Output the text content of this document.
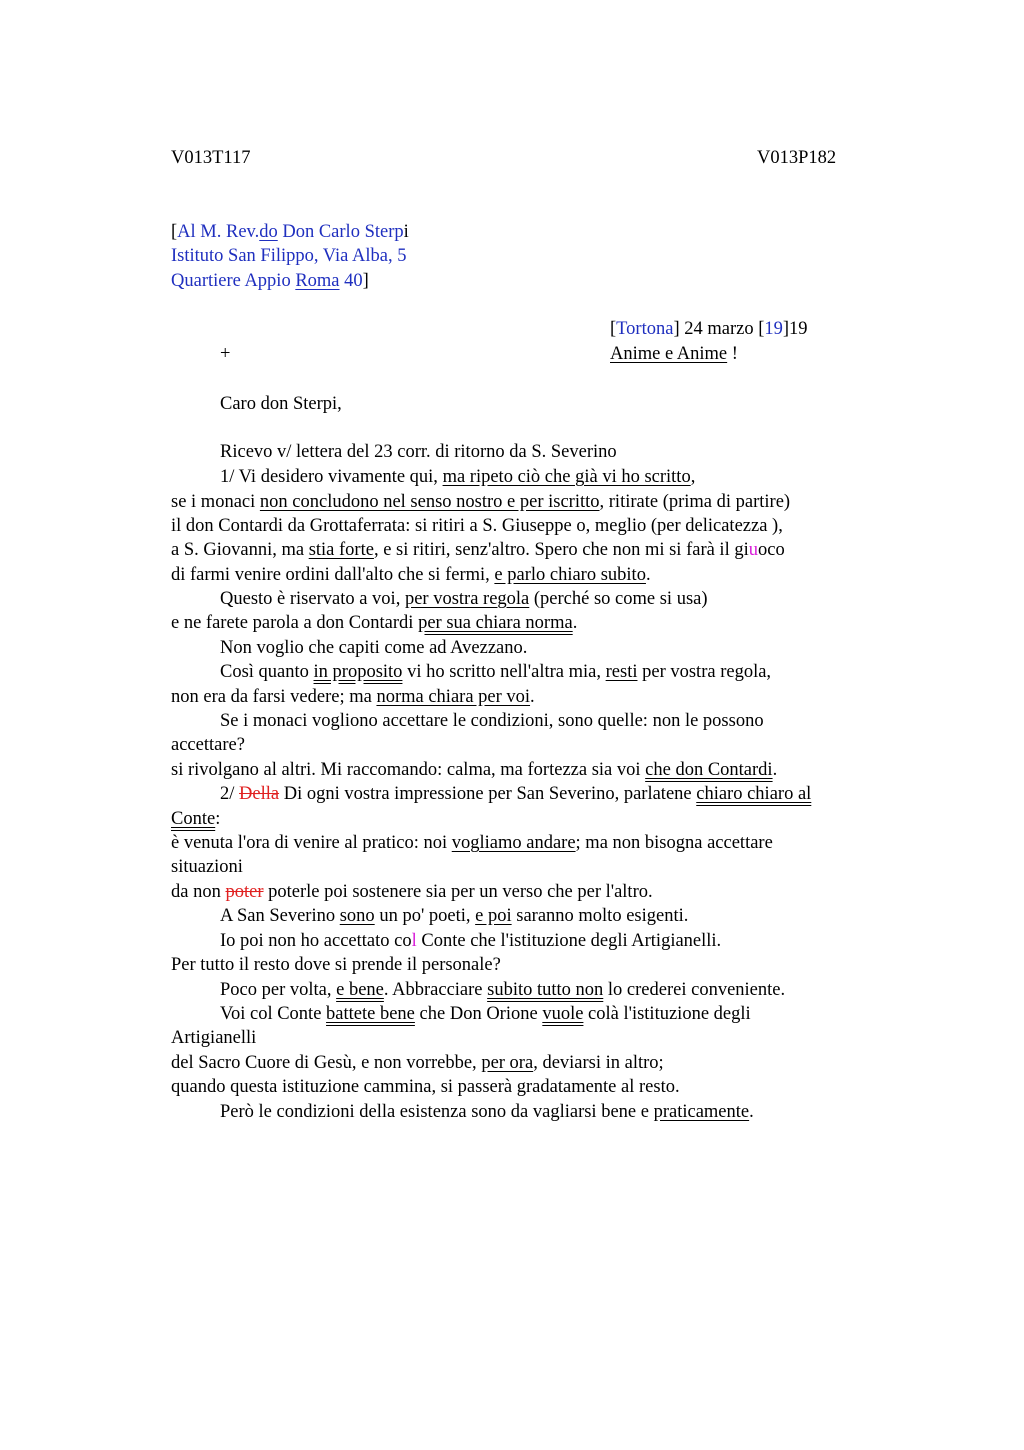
V013T117	V013P182
[Al M. Rev.do Don Carlo Sterpi
Istituto San Filippo, Via Alba, 5
Quartiere Appio Roma 40]
[Tortona] 24 marzo [19]19
+	Anime e Anime !
Caro don Sterpi,
Ricevo v/ lettera del 23 corr. di ritorno da S. Severino
1/ Vi desidero vivamente qui, ma ripeto ciò che già vi ho scritto,
se i monaci non concludono nel senso nostro e per iscritto, ritirate (prima di partire)
il don Contardi da Grottaferrata: si ritiri a S. Giuseppe o, meglio (per delicatezza ),
a S. Giovanni, ma stia forte, e si ritiri, senz'altro. Spero che non mi si farà il giuoco
di farmi venire ordini dall'alto che si fermi, e parlo chiaro subito.
Questo è riservato a voi, per vostra regola (perché so come si usa)
e ne farete parola a don Contardi per sua chiara norma.
Non voglio che capiti come ad Avezzano.
Così quanto in proposito vi ho scritto nell'altra mia, resti per vostra regola,
non era da farsi vedere; ma norma chiara per voi.
Se i monaci vogliono accettare le condizioni, sono quelle: non le possono
accettare?
si rivolgano al altri. Mi raccomando: calma, ma fortezza sia voi che don Contardi.
2/ Della Di ogni vostra impressione per San Severino, parlatene chiaro chiaro al
Conte:
è venuta l'ora di venire al pratico: noi vogliamo andare; ma non bisogna accettare
situazioni
da non poter poterle poi sostenere sia per un verso che per l'altro.
A San Severino sono un po' poeti, e poi saranno molto esigenti.
Io poi non ho accettato col Conte che l'istituzione degli Artigianelli.
Per tutto il resto dove si prende il personale?
Poco per volta, e bene. Abbracciare subito tutto non lo crederei conveniente.
Voi col Conte battete bene che Don Orione vuole colà l'istituzione degli
Artigianelli
del Sacro Cuore di Gesù, e non vorrebbe, per ora, deviarsi in altro;
quando questa istituzione cammina, si passerà gradatamente al resto.
Però le condizioni della esistenza sono da vagliarsi bene e praticamente.
